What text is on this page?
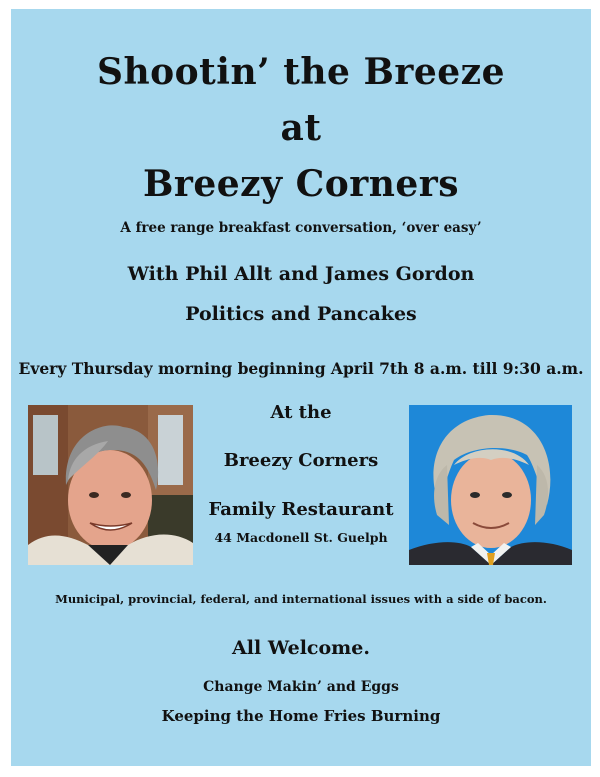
Shootin’ the Breeze
at
Breezy Corners
A free range breakfast conversation, ‘over easy’
With Phil Allt and James Gordon
Politics and Pancakes
Every Thursday morning beginning April 7th 8 a.m. till 9:30 a.m.
At the
Breezy Corners
Family Restaurant
44 Macdonell St. Guelph
Municipal, provincial, federal, and international issues with a side of bacon.
All Welcome.
Change Makin’ and Eggs
Keeping the Home Fries Burning
